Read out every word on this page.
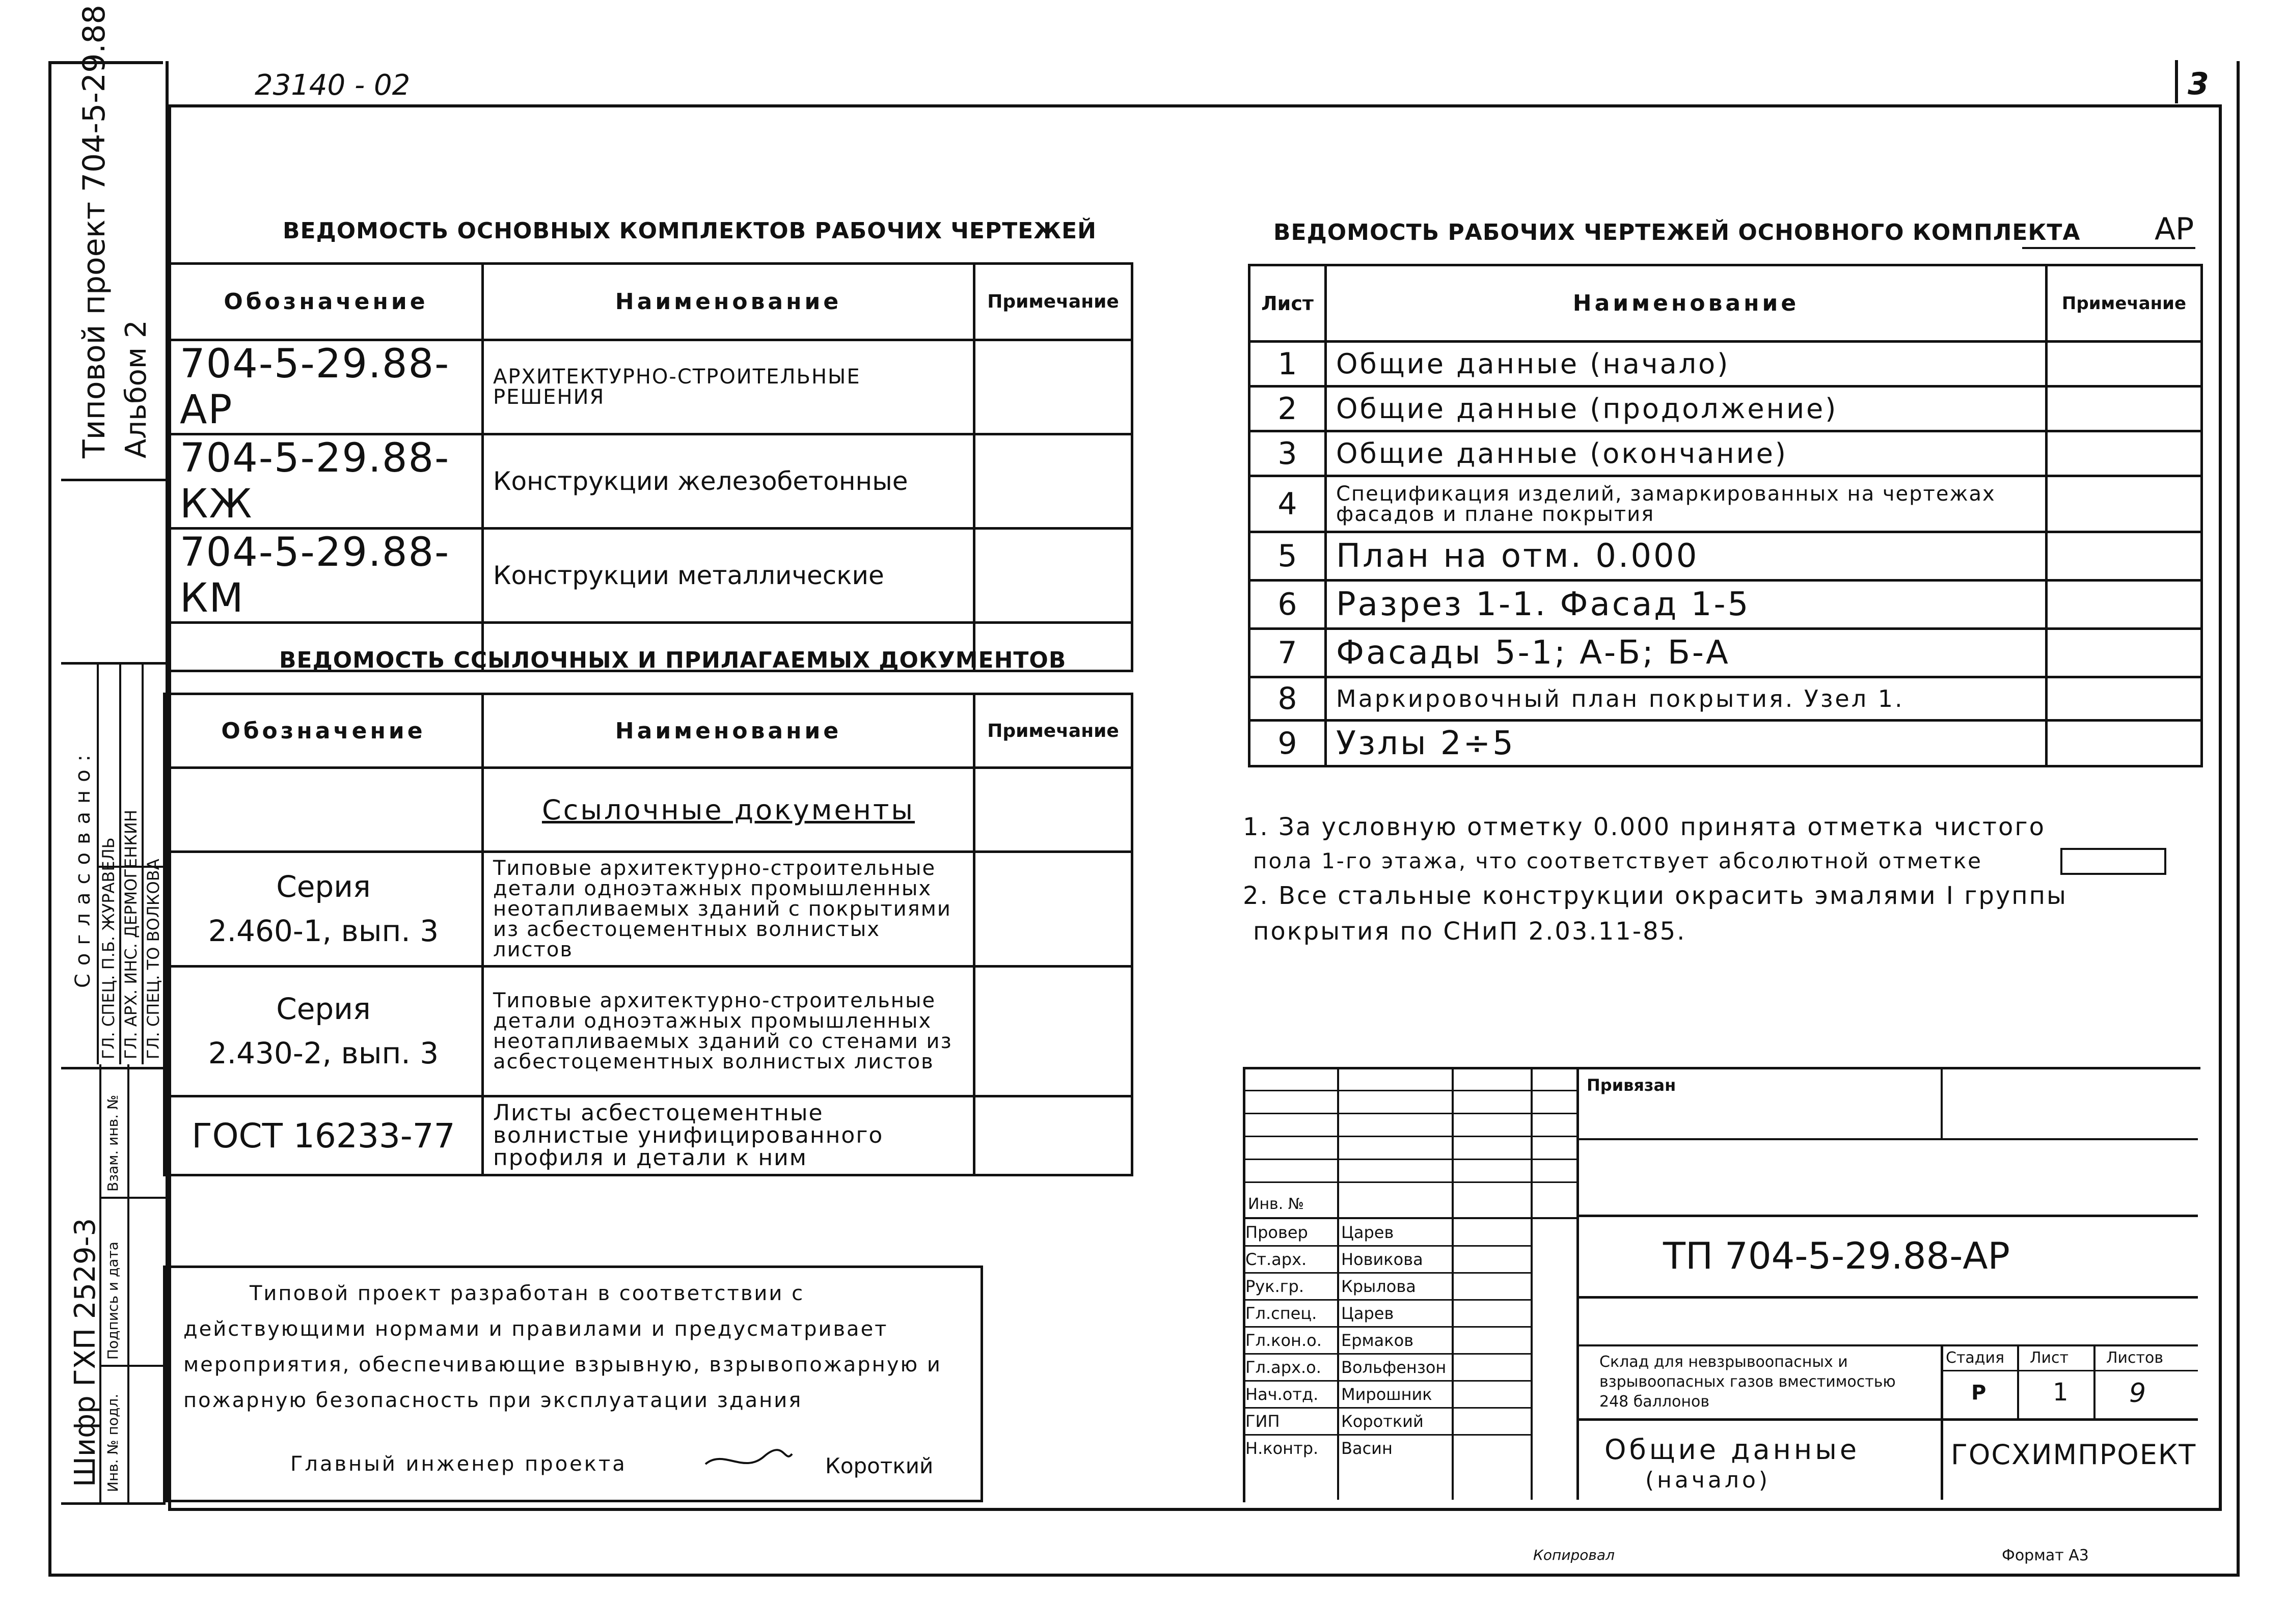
23140 - 02	3
Типовой проект 704-5-29.88 Альбом 2
Согласовано:
ГЛ. СПЕЦ. П.Б. ЖУРАВЕЛЬ
ГЛ. АРХ. ИНС. ДЕРМОГЕНКИН
ГЛ. СПЕЦ. ТО ВОЛКОВА
Шифр ГХП 2529-3
Взам. инв. №
Подпись и дата
Инв. № подл.
ВЕДОМОСТЬ ОСНОВНЫХ КОМПЛЕКТОВ РАБОЧИХ ЧЕРТЕЖЕЙ
Обозначение	Наименование	Примечание
704-5-29.88-АР	АРХИТЕКТУРНО-СТРОИТЕЛЬНЫЕ РЕШЕНИЯ	
704-5-29.88-КЖ	Конструкции железобетонные	
704-5-29.88-КМ	Конструкции металлические	

ВЕДОМОСТЬ ССЫЛОЧНЫХ И ПРИЛАГАЕМЫХ ДОКУМЕНТОВ
Обозначение	Наименование	Примечание
	Ссылочные документы	

Серия
2.460-1, вып. 3	Типовые архитектурно-строительные детали одноэтажных промышленных неотапливаемых зданий с покрытиями из асбестоцементных волнистых листов	

Серия
2.430-2, вып. 3	Типовые архитектурно-строительные детали одноэтажных промышленных неотапливаемых зданий со стенами из асбестоцементных волнистых листов	
ГОСТ 16233-77	Листы асбестоцементные волнистые унифицированного профиля и детали к ним	
Типовой проект разработан в соответствии с действующими нормами и правилами и предусматривает мероприятия, обеспечивающие взрывную, взрывопожарную и пожарную безопасность при эксплуатации здания
Главный инженер проекта	Короткий
ВЕДОМОСТЬ РАБОЧИХ ЧЕРТЕЖЕЙ ОСНОВНОГО КОМПЛЕКТА АР
Лист	Наименование	Примечание
1	Общие данные (начало)	
2	Общие данные (продолжение)	
3	Общие данные (окончание)	
4	Спецификация изделий, замаркированных на чертежах фасадов и плане покрытия	
5	План на отм. 0.000	
6	Разрез 1-1. Фасад 1-5	
7	Фасады 5-1; А-Б; Б-А	
8	Маркировочный план покрытия. Узел 1.	
9	Узлы 2÷5	
1. За условную отметку 0.000 принята отметка чистого
пола 1-го этажа, что соответствует абсолютной отметке
2. Все стальные конструкции окрасить эмалями I группы
покрытия по СНиП 2.03.11-85.
Инв. №
Провер	Царев
Ст.арх.	Новикова
Рук.гр.	Крылова
Гл.спец.	Царев
Гл.кон.о.	Ермаков
Гл.арх.о.	Вольфензон
Нач.отд.	Мирошник
ГИП	Короткий
Н.контр.	Васин
Привязан
ТП 704-5-29.88-АР
Склад для невзрывоопасных и взрывоопасных газов вместимостью 248 баллонов
Стадия Лист Листов
Р	1 9
Общие данные
(начало)
ГОСХИМПРОЕКТ
Копировал	Формат А3
